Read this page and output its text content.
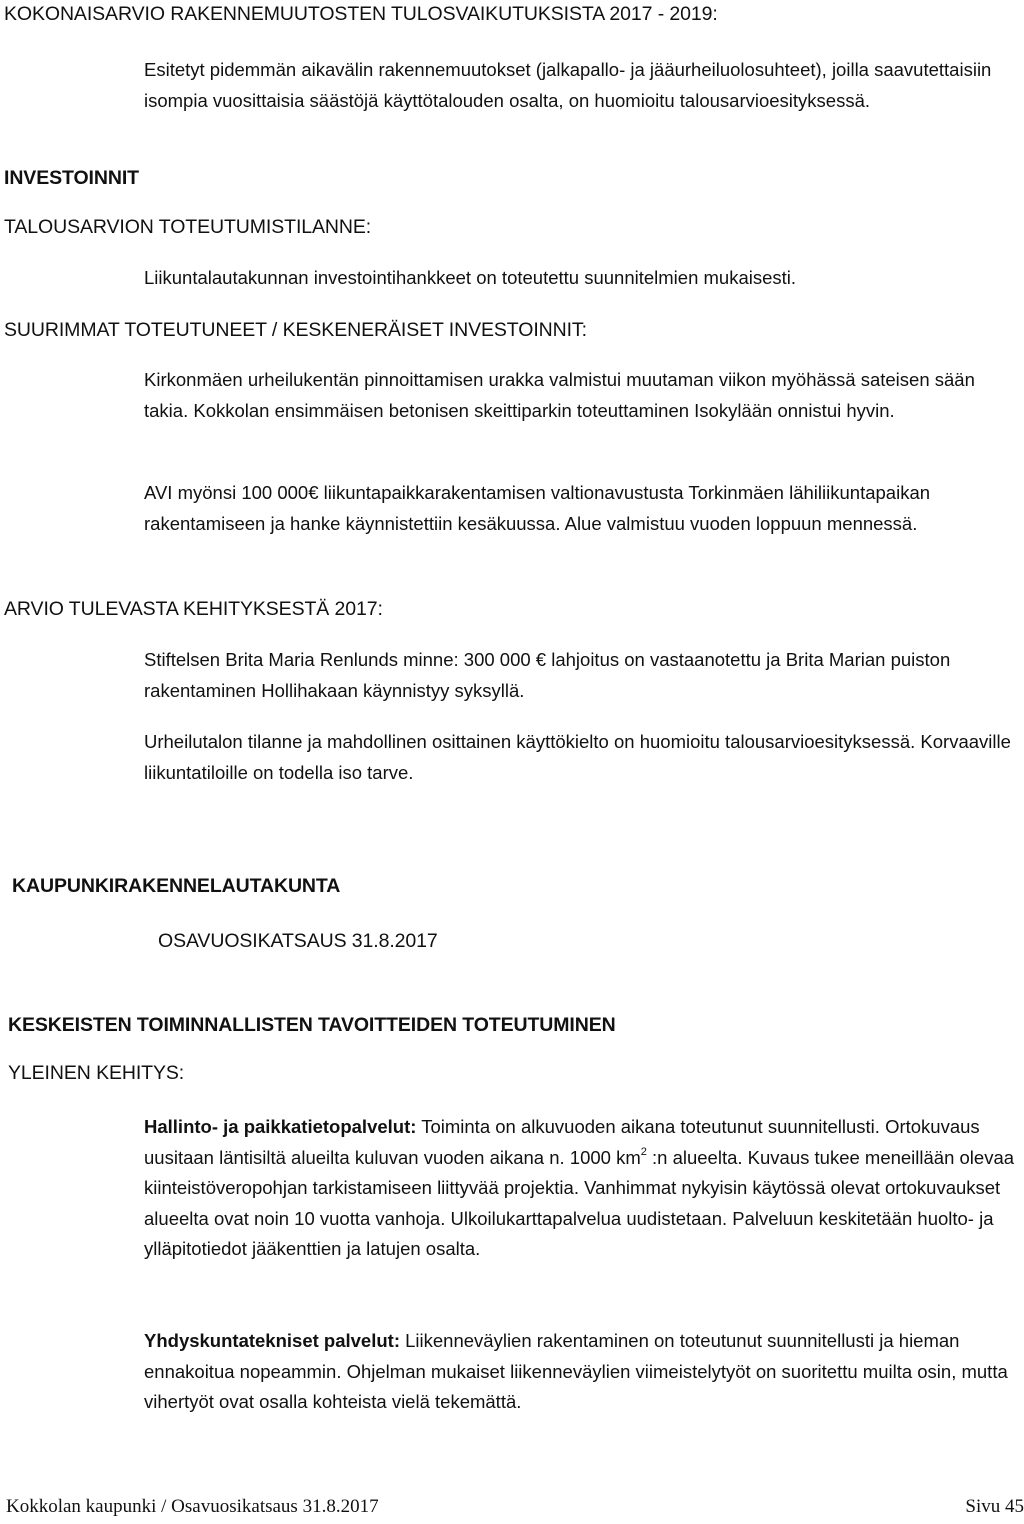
KOKONAISARVIO RAKENNEMUUTOSTEN TULOSVAIKUTUKSISTA 2017 - 2019:

Esitetyt pidemmän aikavälin rakennemuutokset (jalkapallo- ja jääurheiluolosuhteet), joilla saavutettaisiin isompia vuosittaisia säästöjä käyttötalouden osalta, on huomioitu talousarvioesityksessä.

INVESTOINNIT
TALOUSARVION TOTEUTUMISTILANNE:

Liikuntalautakunnan investointihankkeet on toteutettu suunnitelmien mukaisesti.

SUURIMMAT TOTEUTUNEET / KESKENERÄISET INVESTOINNIT:

Kirkonmäen urheilukentän pinnoittamisen urakka valmistui muutaman viikon myöhässä sateisen sään takia. Kokkolan ensimmäisen betonisen skeittiparkin toteuttaminen Isokylään onnistui hyvin.

AVI myönsi 100 000€ liikuntapaikkarakentamisen valtionavustusta Torkinmäen lähiliikuntapaikan rakentamiseen ja hanke käynnistettiin kesäkuussa. Alue valmistuu vuoden loppuun mennessä.

ARVIO TULEVASTA KEHITYKSESTÄ 2017:

Stiftelsen Brita Maria Renlunds minne: 300 000 € lahjoitus on vastaanotettu ja Brita Marian puiston rakentaminen Hollihakaan käynnistyy syksyllä.

Urheilutalon tilanne ja mahdollinen osittainen käyttökielto on huomioitu talousarvioesityksessä. Korvaaville liikuntatiloille on todella iso tarve.

KAUPUNKIRAKENNELAUTAKUNTA
OSAVUOSIKATSAUS 31.8.2017
KESKEISTEN TOIMINNALLISTEN TAVOITTEIDEN TOTEUTUMINEN
YLEINEN KEHITYS:

Hallinto- ja paikkatietopalvelut: Toiminta on alkuvuoden aikana toteutunut suunnitellusti. Ortokuvaus uusitaan läntisiltä alueilta kuluvan vuoden aikana n. 1000 $km^2$ :n alueelta. Kuvaus tukee meneillään olevaa kiinteistöveropohjan tarkistamiseen liittyvää projektia. Vanhimmat nykyisin käytössä olevat ortokuvaukset alueelta ovat noin 10 vuotta vanhoja. Ulkoilukarttapalvelua uudistetaan. Palveluun keskitetään huolto- ja ylläpitotiedot jääkenttien ja latujen osalta.

Yhdyskuntatekniset palvelut: Liikenneväylien rakentaminen on toteutunut suunnitellusti ja hieman ennakoitua nopeammin. Ohjelman mukaiset liikenneväylien viimeistelytyöt on suoritettu muilta osin, mutta vihertyöt ovat osalla kohteista vielä tekemättä.

Kokkolan kaupunki / Osavuosikatsaus 31.8.2017	Sivu 45
